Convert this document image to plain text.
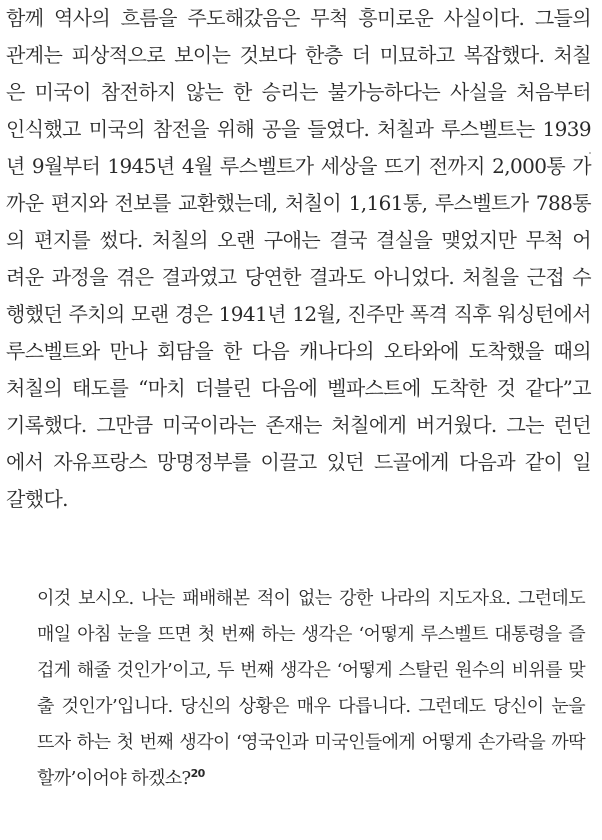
함께 역사의 흐름을 주도해갔음은 무척 흥미로운 사실이다. 그들의
관계는 피상적으로 보이는 것보다 한층 더 미묘하고 복잡했다. 처칠
은 미국이 참전하지 않는 한 승리는 불가능하다는 사실을 처음부터
인식했고 미국의 참전을 위해 공을 들였다. 처칠과 루스벨트는 1939
년 9월부터 1945년 4월 루스벨트가 세상을 뜨기 전까지 2,000통 가
까운 편지와 전보를 교환했는데, 처칠이 1,161통, 루스벨트가 788통
의 편지를 썼다. 처칠의 오랜 구애는 결국 결실을 맺었지만 무척 어
려운 과정을 겪은 결과였고 당연한 결과도 아니었다. 처칠을 근접 수
행했던 주치의 모랜 경은 1941년 12월, 진주만 폭격 직후 워싱턴에서
루스벨트와 만나 회담을 한 다음 캐나다의 오타와에 도착했을 때의
처칠의 태도를 “마치 더블린 다음에 벨파스트에 도착한 것 같다”고
기록했다. 그만큼 미국이라는 존재는 처칠에게 버거웠다. 그는 런던
에서 자유프랑스 망명정부를 이끌고 있던 드골에게 다음과 같이 일
갈했다.
이것 보시오. 나는 패배해본 적이 없는 강한 나라의 지도자요. 그런데도
매일 아침 눈을 뜨면 첫 번째 하는 생각은 ‘어떻게 루스벨트 대통령을 즐
겁게 해줄 것인가’이고, 두 번째 생각은 ‘어떻게 스탈린 원수의 비위를 맞
출 것인가’입니다. 당신의 상황은 매우 다릅니다. 그런데도 당신이 눈을
뜨자 하는 첫 번째 생각이 ‘영국인과 미국인들에게 어떻게 손가락을 까딱
할까’이어야 하겠소?$^{20}$
